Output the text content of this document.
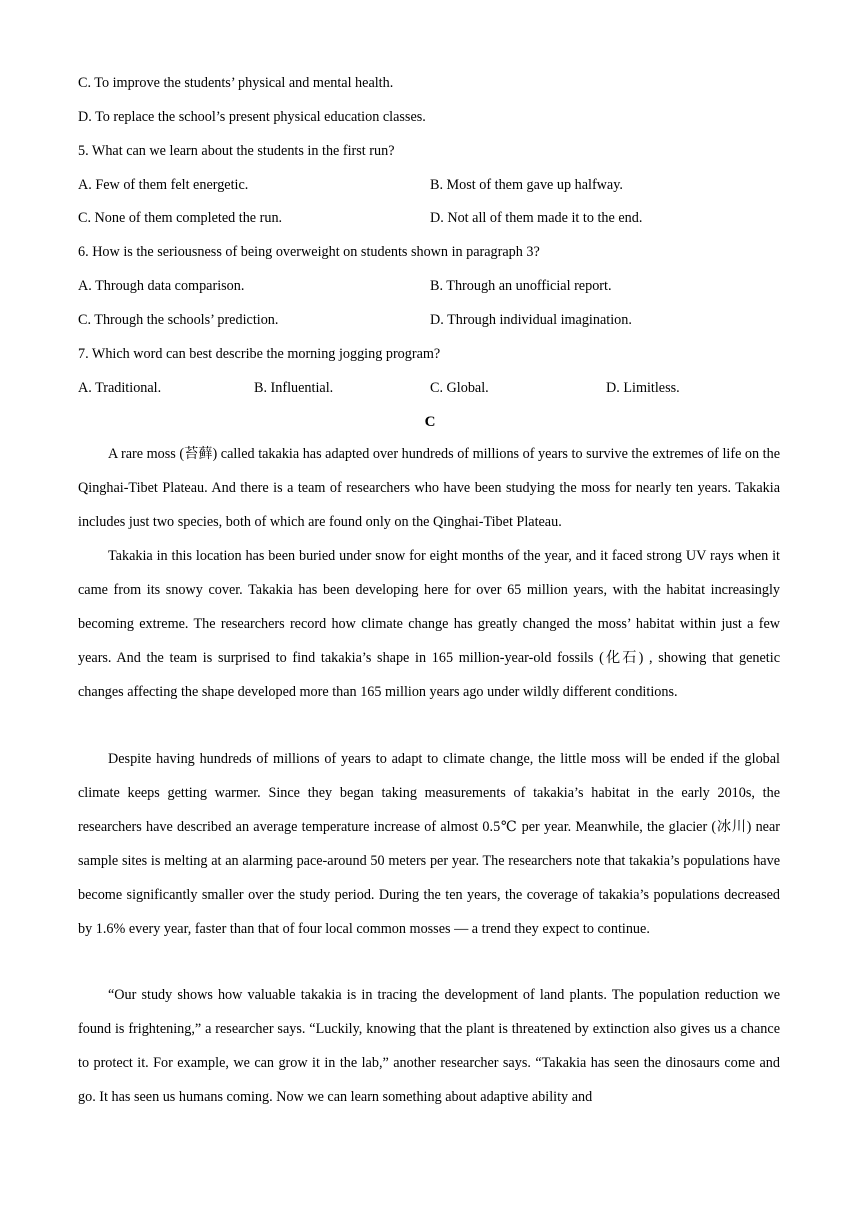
C. To improve the students’ physical and mental health.
D. To replace the school’s present physical education classes.
5. What can we learn about the students in the first run?
A. Few of them felt energetic.	B. Most of them gave up halfway.
C. None of them completed the run.	D. Not all of them made it to the end.
6. How is the seriousness of being overweight on students shown in paragraph 3?
A. Through data comparison.	B. Through an unofficial report.
C. Through the schools’ prediction.	D. Through individual imagination.
7. Which word can best describe the morning jogging program?
A. Traditional.	B. Influential.	C. Global.	D. Limitless.
C
A rare moss (苔藓) called takakia has adapted over hundreds of millions of years to survive the extremes of life on the Qinghai-Tibet Plateau. And there is a team of researchers who have been studying the moss for nearly ten years. Takakia includes just two species, both of which are found only on the Qinghai-Tibet Plateau.
Takakia in this location has been buried under snow for eight months of the year, and it faced strong UV rays when it came from its snowy cover. Takakia has been developing here for over 65 million years, with the habitat increasingly becoming extreme. The researchers record how climate change has greatly changed the moss’ habitat within just a few years. And the team is surprised to find takakia’s shape in 165 million-year-old fossils (化石) , showing that genetic changes affecting the shape developed more than 165 million years ago under wildly different conditions.
Despite having hundreds of millions of years to adapt to climate change, the little moss will be ended if the global climate keeps getting warmer. Since they began taking measurements of takakia’s habitat in the early 2010s, the researchers have described an average temperature increase of almost 0.5℃ per year. Meanwhile, the glacier (冰川) near sample sites is melting at an alarming pace-around 50 meters per year. The researchers note that takakia’s populations have become significantly smaller over the study period. During the ten years, the coverage of takakia’s populations decreased by 1.6% every year, faster than that of four local common mosses — a trend they expect to continue.
“Our study shows how valuable takakia is in tracing the development of land plants. The population reduction we found is frightening,” a researcher says. “Luckily, knowing that the plant is threatened by extinction also gives us a chance to protect it. For example, we can grow it in the lab,” another researcher says. “Takakia has seen the dinosaurs come and go. It has seen us humans coming. Now we can learn something about adaptive ability and
